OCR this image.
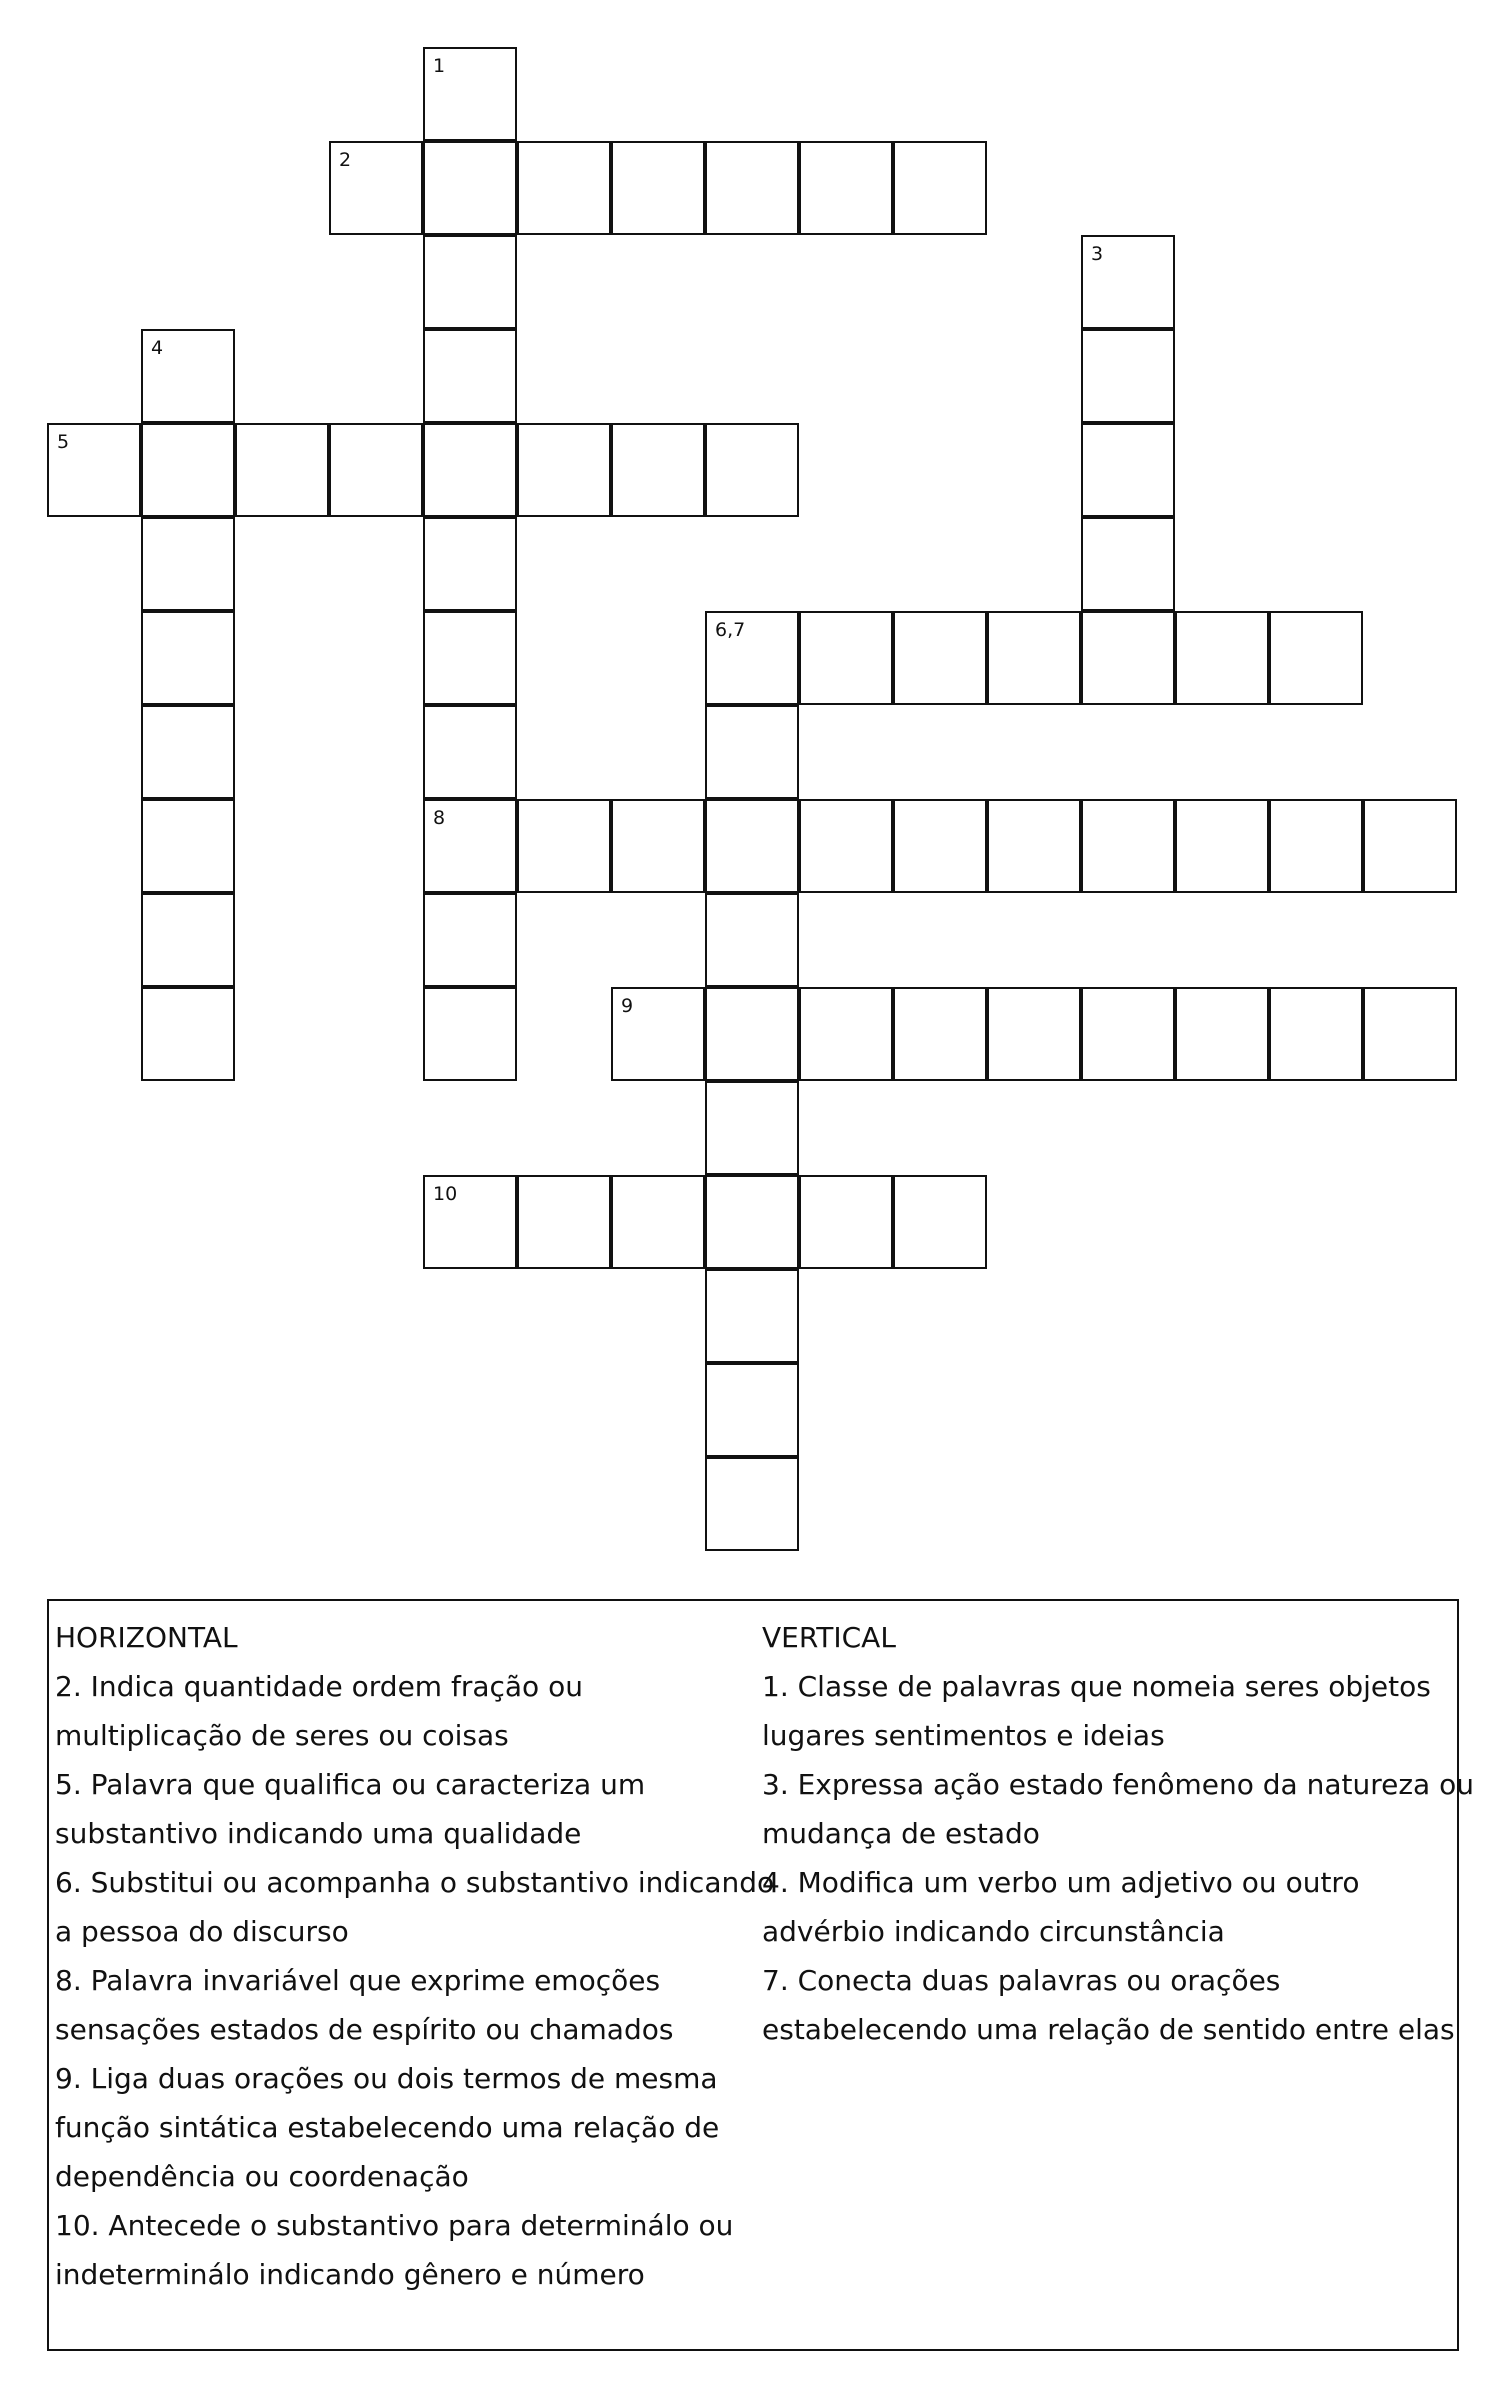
1
8
2
3
4
5
6,7
9
10
HORIZONTAL
2. Indica quantidade ordem fração ou
multiplicação de seres ou coisas
5. Palavra que qualifica ou caracteriza um
substantivo indicando uma qualidade
6. Substitui ou acompanha o substantivo indicando
a pessoa do discurso
8. Palavra invariável que exprime emoções
sensações estados de espírito ou chamados
9. Liga duas orações ou dois termos de mesma
função sintática estabelecendo uma relação de
dependência ou coordenação
10. Antecede o substantivo para determinálo ou
indeterminálo indicando gênero e número
VERTICAL
1. Classe de palavras que nomeia seres objetos
lugares sentimentos e ideias
3. Expressa ação estado fenômeno da natureza ou
mudança de estado
4. Modifica um verbo um adjetivo ou outro
advérbio indicando circunstância
7. Conecta duas palavras ou orações
estabelecendo uma relação de sentido entre elas
